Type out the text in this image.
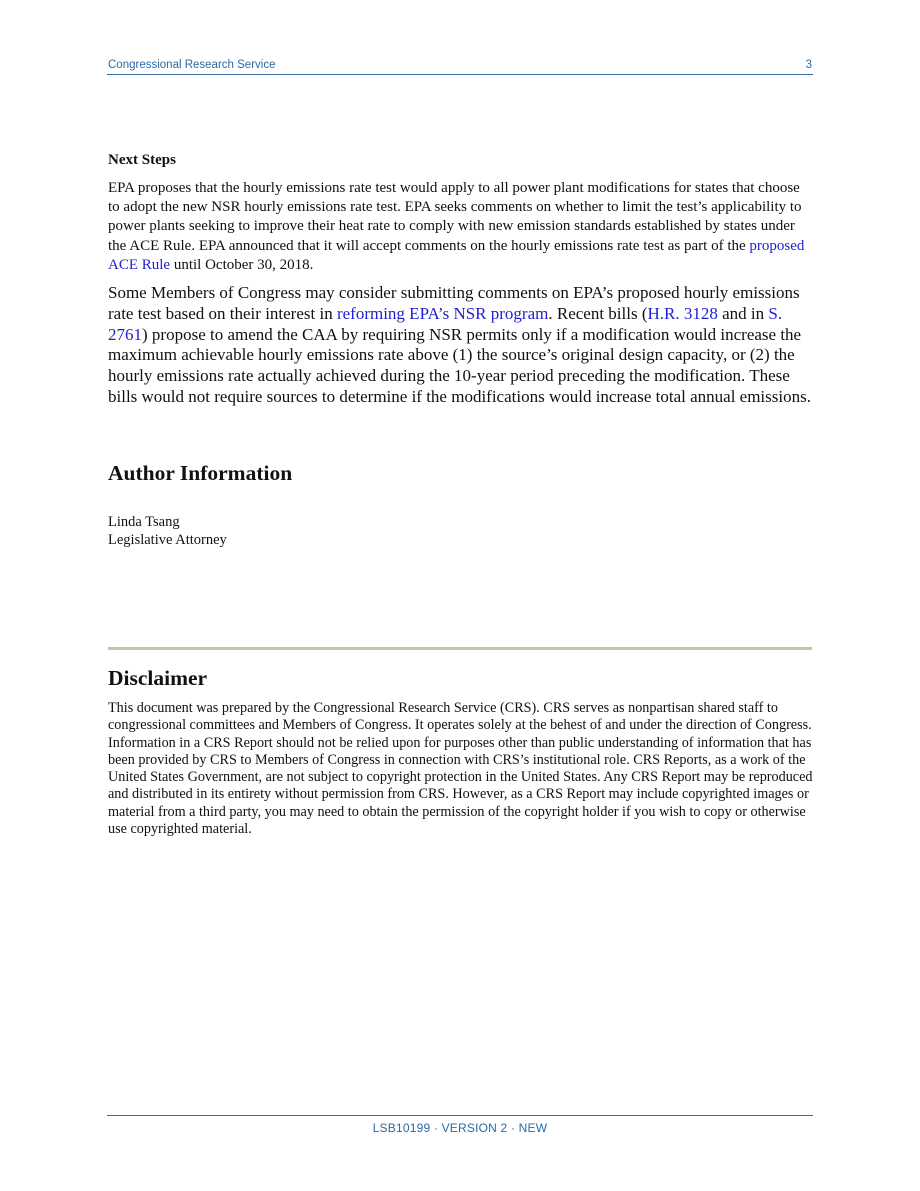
Congressional Research Service	3
Next Steps

EPA proposes that the hourly emissions rate test would apply to all power plant modifications for states that choose to adopt the new NSR hourly emissions rate test. EPA seeks comments on whether to limit the test’s applicability to power plants seeking to improve their heat rate to comply with new emission standards established by states under the ACE Rule. EPA announced that it will accept comments on the hourly emissions rate test as part of the proposed ACE Rule until October 30, 2018.

Some Members of Congress may consider submitting comments on EPA’s proposed hourly emissions rate test based on their interest in reforming EPA’s NSR program. Recent bills (H.R. 3128 and in S. 2761) propose to amend the CAA by requiring NSR permits only if a modification would increase the maximum achievable hourly emissions rate above (1) the source’s original design capacity, or (2) the hourly emissions rate actually achieved during the 10-year period preceding the modification. These bills would not require sources to determine if the modifications would increase total annual emissions.

Author Information
Linda Tsang
Legislative Attorney
Disclaimer
This document was prepared by the Congressional Research Service (CRS). CRS serves as nonpartisan shared staff to congressional committees and Members of Congress. It operates solely at the behest of and under the direction of Congress. Information in a CRS Report should not be relied upon for purposes other than public understanding of information that has been provided by CRS to Members of Congress in connection with CRS’s institutional role. CRS Reports, as a work of the United States Government, are not subject to copyright protection in the United States. Any CRS Report may be reproduced and distributed in its entirety without permission from CRS. However, as a CRS Report may include copyrighted images or material from a third party, you may need to obtain the permission of the copyright holder if you wish to copy or otherwise use copyrighted material.
LSB10199 · VERSION 2 · NEW
